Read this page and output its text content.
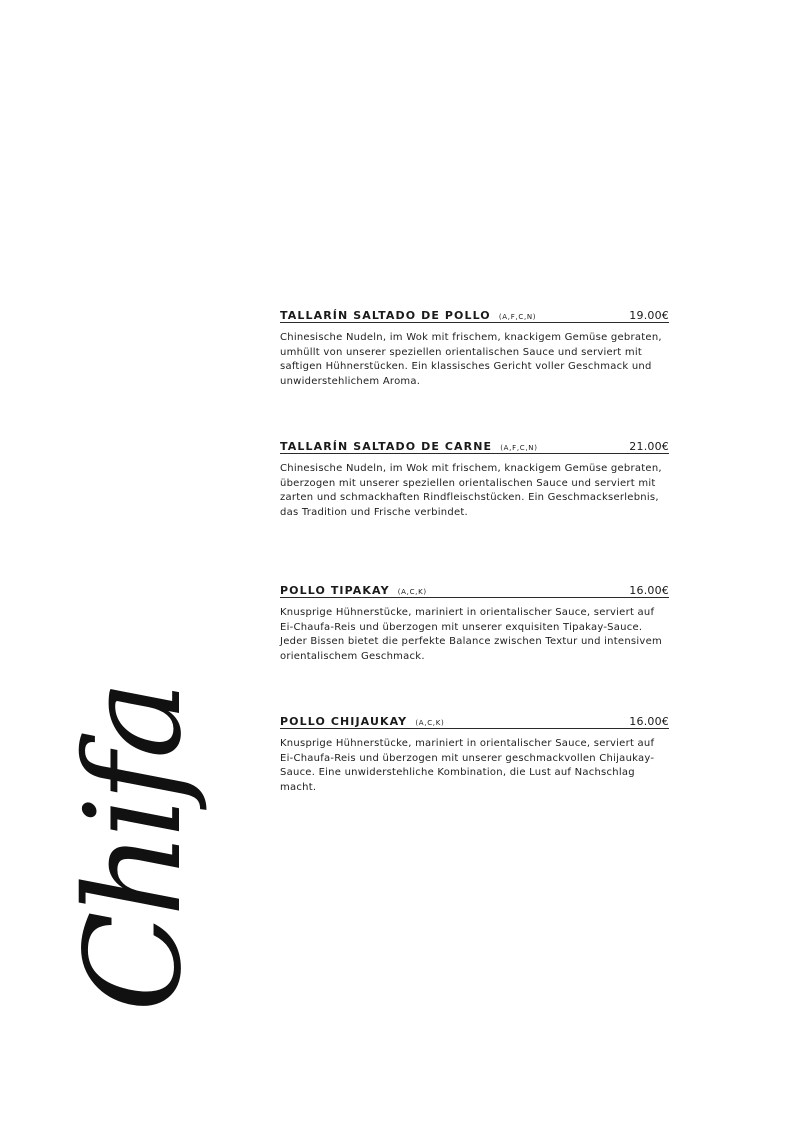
TALLARÍN SALTADO DE POLLO (A,F,C,N)	19.00€
Chinesische Nudeln, im Wok mit frischem, knackigem Gemüse gebraten, umhüllt von unserer speziellen orientalischen Sauce und serviert mit saftigen Hühnerstücken. Ein klassisches Gericht voller Geschmack und unwiderstehlichem Aroma.
TALLARÍN SALTADO DE CARNE (A,F,C,N)	21.00€
Chinesische Nudeln, im Wok mit frischem, knackigem Gemüse gebraten, überzogen mit unserer speziellen orientalischen Sauce und serviert mit zarten und schmackhaften Rindfleischstücken. Ein Geschmackserlebnis, das Tradition und Frische verbindet.
POLLO TIPAKAY (A,C,K)	16.00€
Knusprige Hühnerstücke, mariniert in orientalischer Sauce, serviert auf Ei-Chaufa-Reis und überzogen mit unserer exquisiten Tipakay-Sauce. Jeder Bissen bietet die perfekte Balance zwischen Textur und intensivem orientalischem Geschmack.
POLLO CHIJAUKAY (A,C,K)	16.00€
Knusprige Hühnerstücke, mariniert in orientalischer Sauce, serviert auf Ei-Chaufa-Reis und überzogen mit unserer geschmackvollen Chijaukay-Sauce. Eine unwiderstehliche Kombination, die Lust auf Nachschlag macht.
Chifa
